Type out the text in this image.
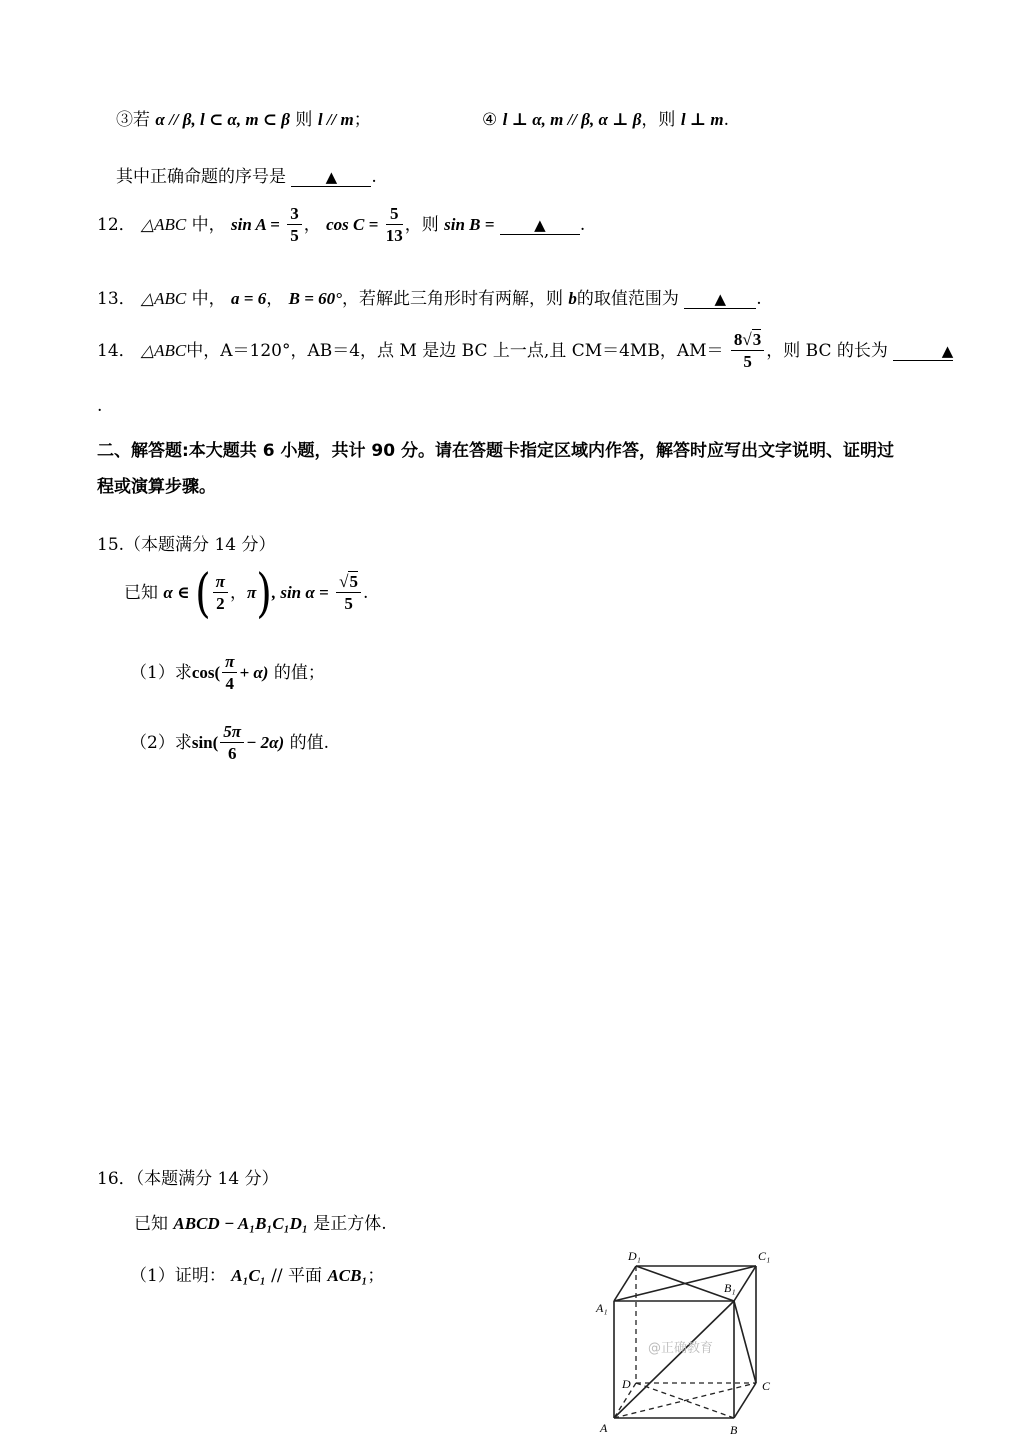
③若 α // β, l ⊂ α, m ⊂ β 则 l // m；	④ l ⊥ α, m // β, α ⊥ β，则 l ⊥ m.
其中正确命题的序号是	▲ .
12． △ABC 中， $\sin A = \frac{3}{5}$ ， $\cos C = \frac{5}{13}$ ，则 sin B =	▲ .
13． △ABC 中， a = 6， B = 60°，若解此三角形时有两解，则 b的取值范围为 ▲ .
14． △ABC中，A＝120°，AB＝4，点 M 是边 BC 上一点,且 CM＝4MB，$AM= \frac{8√3}{5}$ ，则 BC 的长为	▲
.
二、解答题:本大题共 6 小题，共计 90 分。请在答题卡指定区域内作答，解答时应写出文字说明、证明过
程或演算步骤。
15.（本题满分 14 分）
已知 α ∈ ( $\frac{\pi}{2}$ ，π), $\sin \alpha = \frac{√5}{5}$ .
（1）求$\cos( \frac{\pi}{4} + \alpha)$ 的值；
（2）求$\sin( \frac{5\pi}{6} - 2\alpha)$ 的值.
16．（本题满分 14 分）
已知 ABCD − A₁B₁C₁D₁ 是正方体.
（1）证明： A₁C₁ // 平面 ACB₁；
D₁	C₁
B₁
A₁
D	C
A	B
@正确教育
